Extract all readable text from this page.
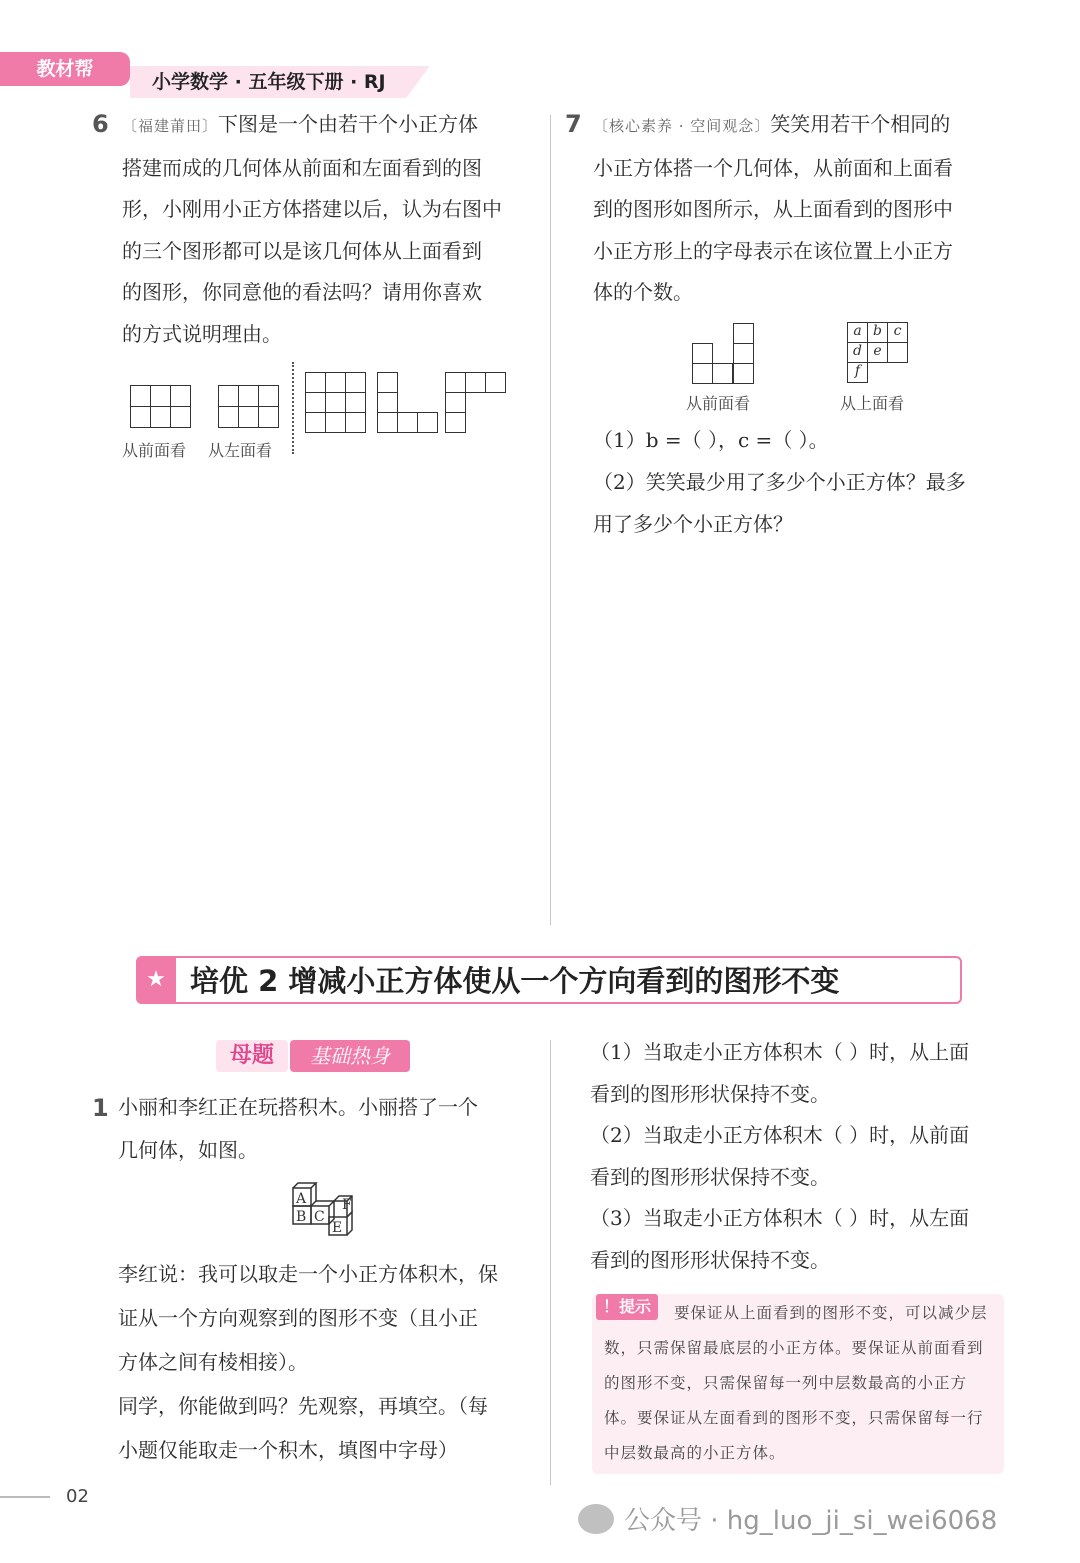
教材帮
小学数学 · 五年级下册 · RJ
6 〔福建莆田〕下图是一个由若干个小正方体
搭建而成的几何体从前面和左面看到的图
形，小刚用小正方体搭建以后，认为右图中
的三个图形都可以是该几何体从上面看到
的图形，你同意他的看法吗？请用你喜欢
的方式说明理由。
从前面看 从左面看
7 〔核心素养 · 空间观念〕笑笑用若干个相同的
小正方体搭一个几何体，从前面和上面看
到的图形如图所示，从上面看到的图形中
小正方形上的字母表示在该位置上小正方
体的个数。
a b c
d e
f
从前面看	从上面看
（1）b =（ ），c =（ ）。
（2）笑笑最少用了多少个小正方体？最多
用了多少个小正方体？
★ 培优 2 增减小正方体使从一个方向看到的图形不变
母题	基础热身
1 小丽和李红正在玩搭积木。小丽搭了一个
几何体，如图。
A
B C
F
E
李红说：我可以取走一个小正方体积木，保
证从一个方向观察到的图形不变（且小正
方体之间有棱相接）。
同学，你能做到吗？先观察，再填空。（每
小题仅能取走一个积木，填图中字母）
（1）当取走小正方体积木（ ）时，从上面
看到的图形形状保持不变。
（2）当取走小正方体积木（ ）时，从前面
看到的图形形状保持不变。
（3）当取走小正方体积木（ ）时，从左面
看到的图形形状保持不变。
！提示	要保证从上面看到的图形不变，可以减少层数，只需保留最底层的小正方体。要保证从前面看到的图形不变，只需保留每一列中层数最高的小正方体。要保证从左面看到的图形不变，只需保留每一行中层数最高的小正方体。
02
公众号 · hg_luo_ji_si_wei6068
